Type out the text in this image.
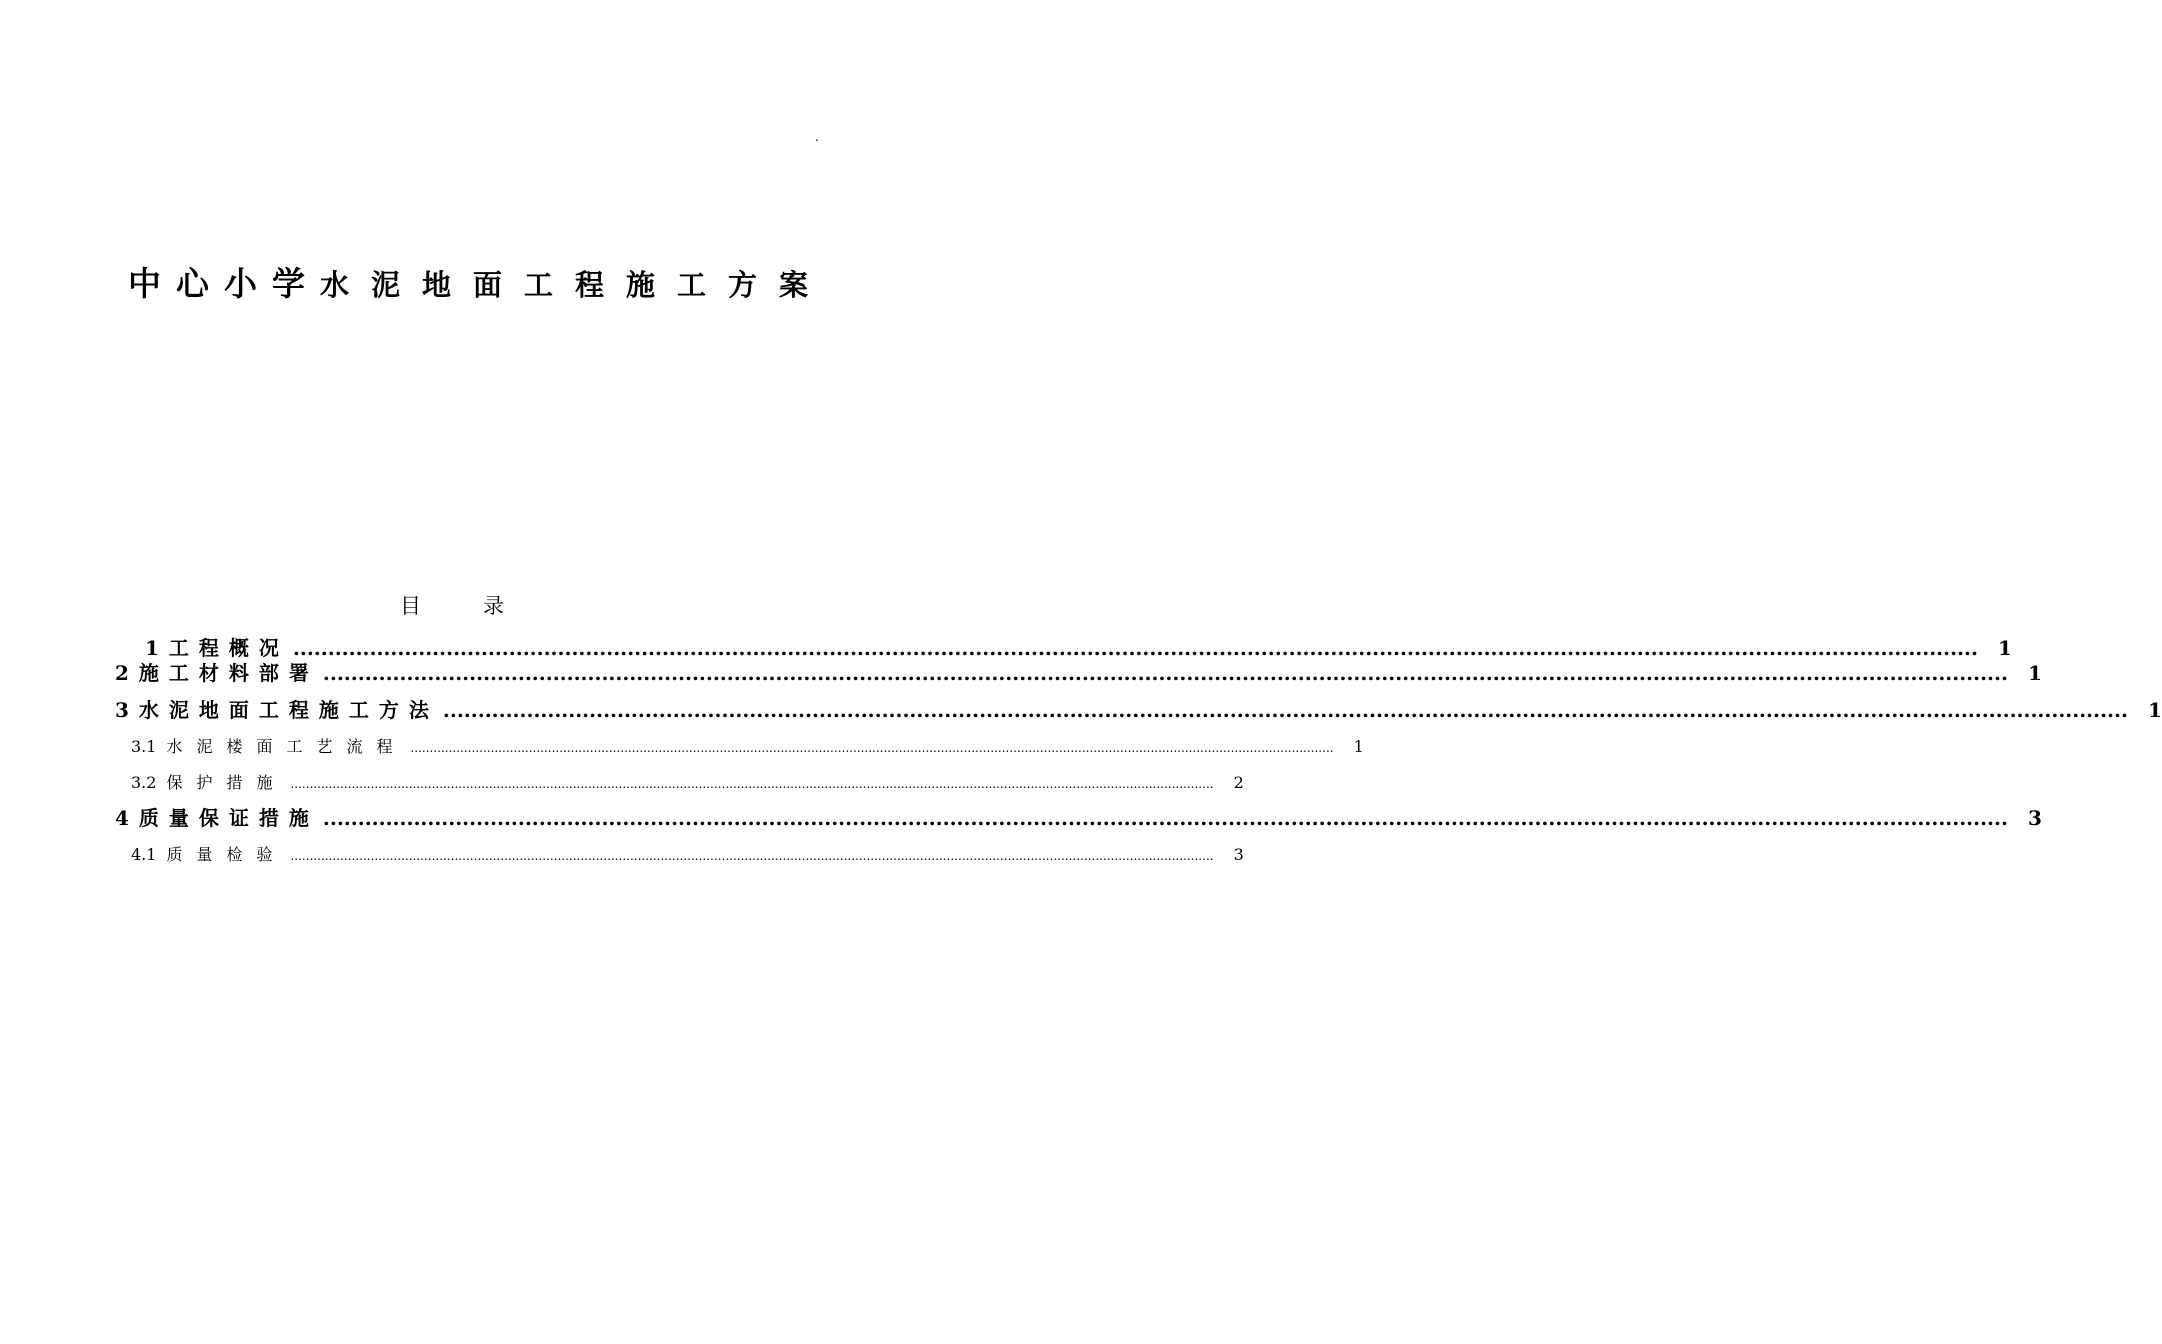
.
中心小学水泥地面工程施工方案
目录
1 工程概况 .................................................................................................................................................................................................................................................. 1
2 施工材料部署 .................................................................................................................................................................................................................................................. 1
3 水泥地面工程施工方法 .................................................................................................................................................................................................................................................. 1
3.1 水泥楼面工艺流程 .................................................................................................................................................................................................................................................. 1
3.2 保护措施 .................................................................................................................................................................................................................................................. 2
4 质量保证措施 .................................................................................................................................................................................................................................................. 3
4.1 质量检验 .................................................................................................................................................................................................................................................. 3
